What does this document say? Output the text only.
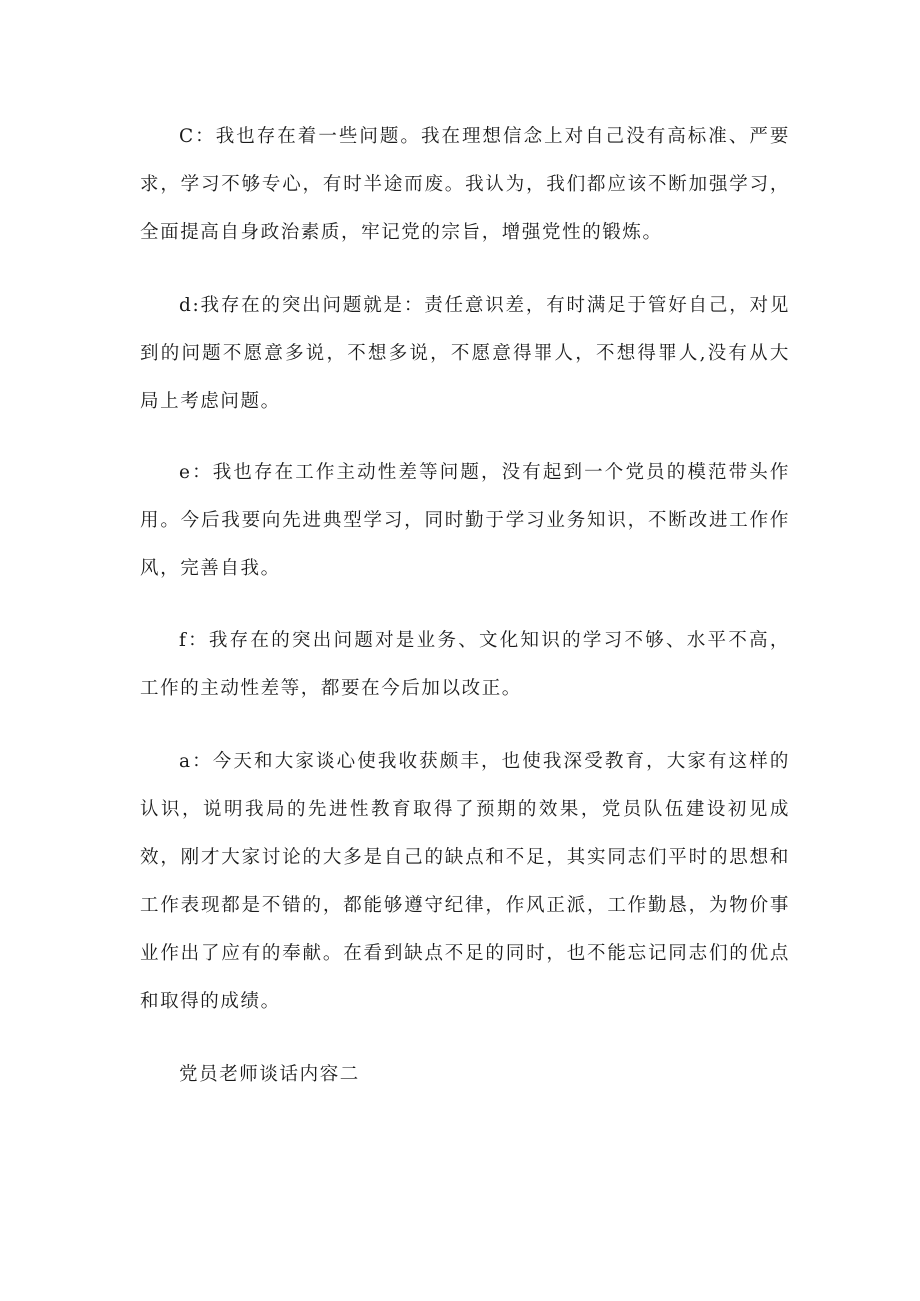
C：我也存在着一些问题。我在理想信念上对自己没有高标准、严要求，学习不够专心，有时半途而废。我认为，我们都应该不断加强学习，全面提高自身政治素质，牢记党的宗旨，增强党性的锻炼。

d:我存在的突出问题就是：责任意识差，有时满足于管好自己，对见到的问题不愿意多说，不想多说，不愿意得罪人，不想得罪人,没有从大局上考虑问题。

e：我也存在工作主动性差等问题，没有起到一个党员的模范带头作用。今后我要向先进典型学习，同时勤于学习业务知识，不断改进工作作风，完善自我。

f：我存在的突出问题对是业务、文化知识的学习不够、水平不高，工作的主动性差等，都要在今后加以改正。

a：今天和大家谈心使我收获颇丰，也使我深受教育，大家有这样的认识，说明我局的先进性教育取得了预期的效果，党员队伍建设初见成效，刚才大家讨论的大多是自己的缺点和不足，其实同志们平时的思想和工作表现都是不错的，都能够遵守纪律，作风正派，工作勤恳，为物价事业作出了应有的奉献。在看到缺点不足的同时，也不能忘记同志们的优点和取得的成绩。

党员老师谈话内容二
